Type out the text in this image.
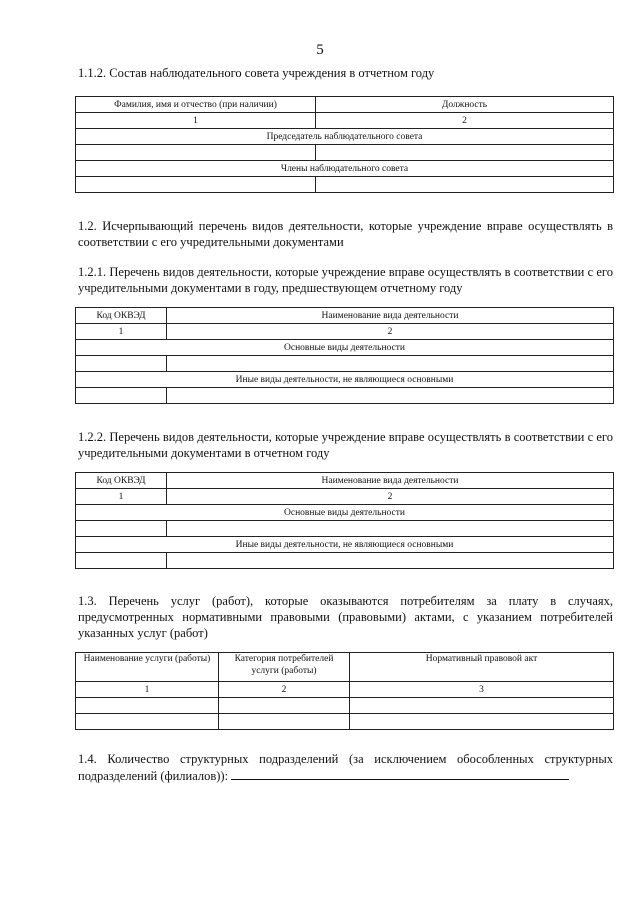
5
1.1.2. Состав наблюдательного совета учреждения в отчетном году
Фамилия, имя и отчество (при наличии)	Должность
1	2
Председатель наблюдательного совета	

Члены наблюдательного совета	

1.2. Исчерпывающий перечень видов деятельности, которые учреждение вправе осуществлять в соответствии с его учредительными документами
1.2.1. Перечень видов деятельности, которые учреждение вправе осуществлять в соответствии с его учредительными документами в году, предшествующем отчетному году
Код ОКВЭД	Наименование вида деятельности
1	2
Основные виды деятельности	

Иные виды деятельности, не являющиеся основными	

1.2.2. Перечень видов деятельности, которые учреждение вправе осуществлять в соответствии с его учредительными документами в отчетном году
Код ОКВЭД	Наименование вида деятельности
1	2
Основные виды деятельности	

Иные виды деятельности, не являющиеся основными	

1.3. Перечень услуг (работ), которые оказываются потребителям за плату в случаях, предусмотренных нормативными правовыми (правовыми) актами, с указанием потребителей указанных услуг (работ)
Наименование услуги (работы)	Категория потребителей услуги (работы)	Нормативный правовой акт
1	2	3

1.4. Количество структурных подразделений (за исключением обособленных структурных подразделений (филиалов)):
